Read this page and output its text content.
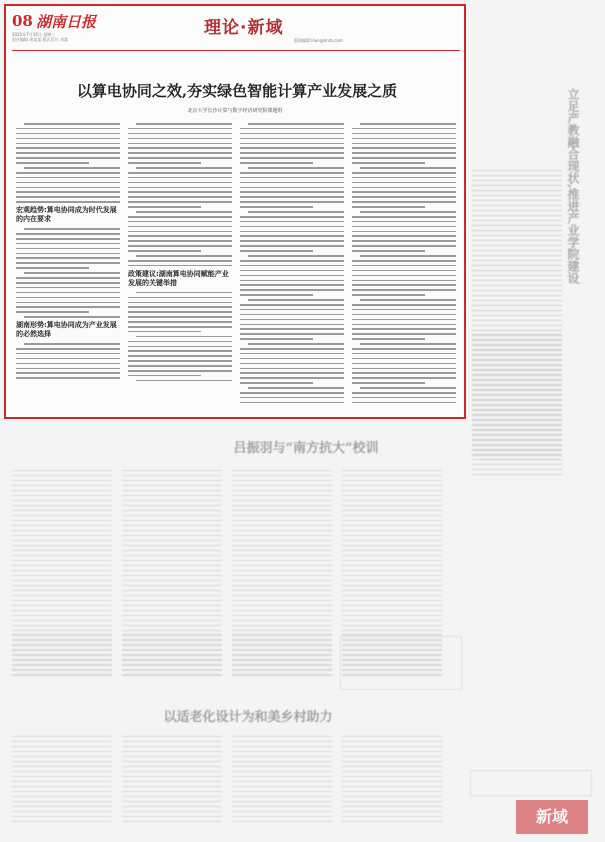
08 湖南日报
2025年7月16日 星期三
责任编辑 周某某 版式设计 刘某
理论·新域
版面编辑 lilun@hnrb.com
以算电协同之效,夯实绿色智能计算产业发展之质
北京大学长沙计算与数字经济研究院课题组
宏观趋势:算电协同成为时代发展的内在要求
湖南形势:算电协同成为产业发展的必然选择
政策建议:湖南算电协同赋能产业发展的关键举措	立足产教融合现状,推进产业学院建设
吕振羽与“南方抗大”校训
以适老化设计为和美乡村助力
新域
